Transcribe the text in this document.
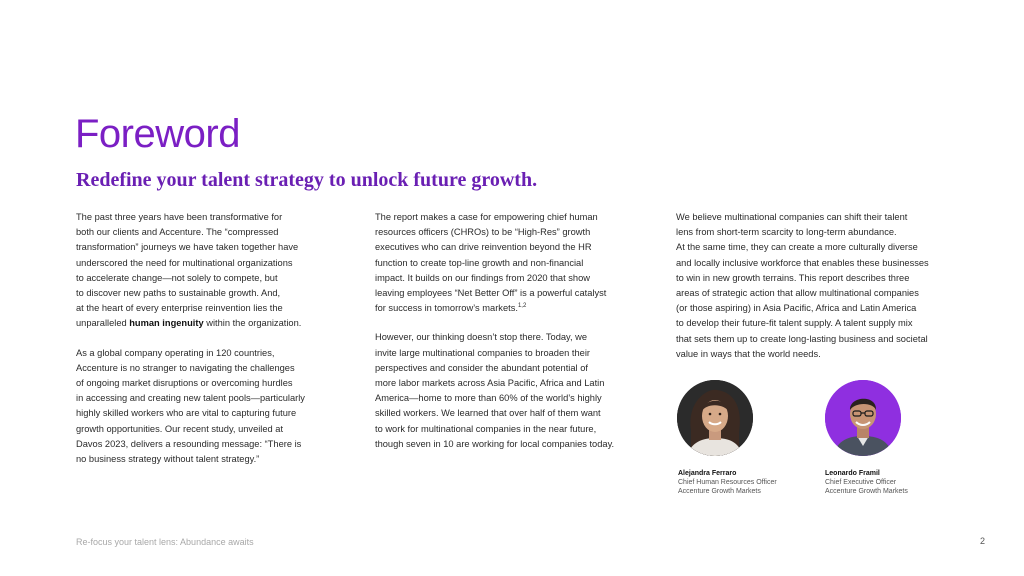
Foreword
Redefine your talent strategy to unlock future growth.

The past three years have been transformative for
both our clients and Accenture. The “compressed
transformation” journeys we have taken together have
underscored the need for multinational organizations
to accelerate change—not solely to compete, but
to discover new paths to sustainable growth. And,
at the heart of every enterprise reinvention lies the
unparalleled human ingenuity within the organization.

As a global company operating in 120 countries,
Accenture is no stranger to navigating the challenges
of ongoing market disruptions or overcoming hurdles
in accessing and creating new talent pools—particularly
highly skilled workers who are vital to capturing future
growth opportunities. Our recent study, unveiled at
Davos 2023, delivers a resounding message: “There is
no business strategy without talent strategy.”

The report makes a case for empowering chief human
resources officers (CHROs) to be “High-Res” growth
executives who can drive reinvention beyond the HR
function to create top-line growth and non-financial
impact. It builds on our findings from 2020 that show
leaving employees “Net Better Off” is a powerful catalyst
for success in tomorrow’s markets.$^{1,2}$

However, our thinking doesn’t stop there. Today, we
invite large multinational companies to broaden their
perspectives and consider the abundant potential of
more labor markets across Asia Pacific, Africa and Latin
America—home to more than 60% of the world’s highly
skilled workers. We learned that over half of them want
to work for multinational companies in the near future,
though seven in 10 are working for local companies today.

We believe multinational companies can shift their talent
lens from short-term scarcity to long-term abundance.
At the same time, they can create a more culturally diverse
and locally inclusive workforce that enables these businesses
to win in new growth terrains. This report describes three
areas of strategic action that allow multinational companies
(or those aspiring) in Asia Pacific, Africa and Latin America
to develop their future-fit talent supply. A talent supply mix
that sets them up to create long-lasting business and societal
value in ways that the world needs.

Alejandra Ferraro
Chief Human Resources Officer
Accenture Growth Markets
Leonardo Framil
Chief Executive Officer
Accenture Growth Markets
Re-focus your talent lens: Abundance awaits	2
